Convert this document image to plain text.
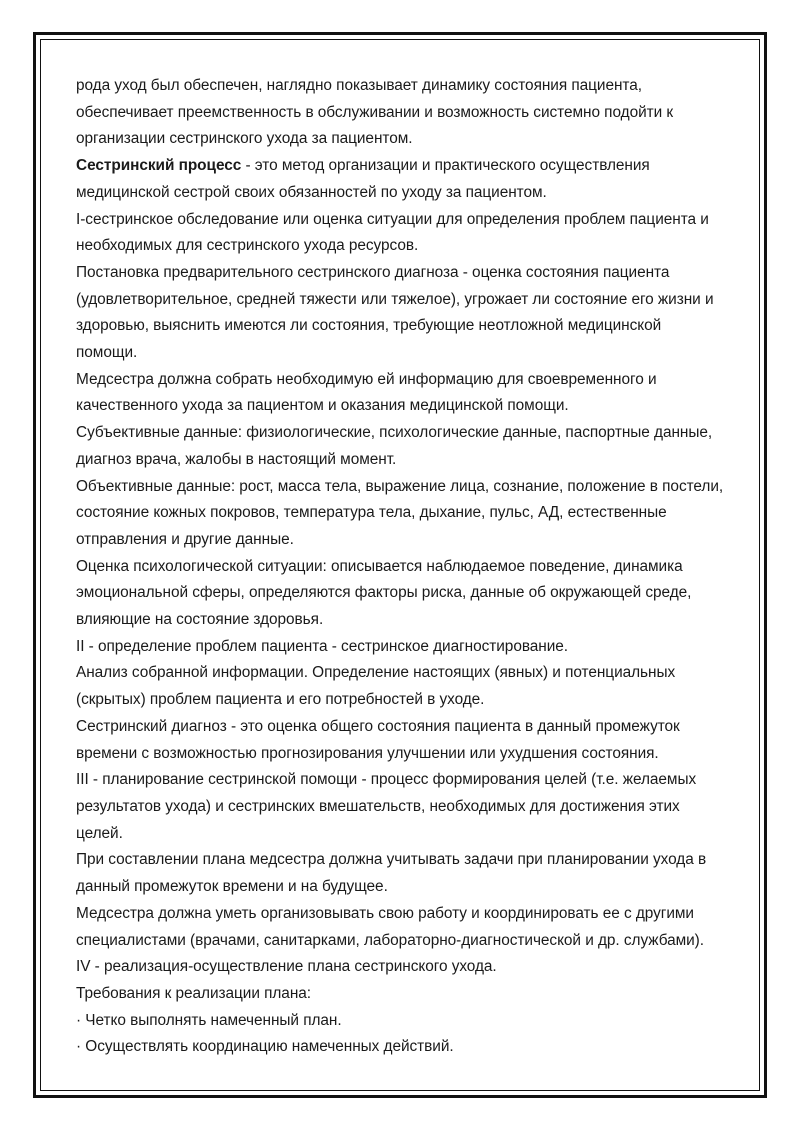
рода уход был обеспечен, наглядно показывает динамику состояния пациента, обеспечивает преемственность в обслуживании и возможность системно подойти к организации сестринского ухода за пациентом.

Сестринский процесс - это метод организации и практического осуществления медицинской сестрой своих обязанностей по уходу за пациентом.

I-сестринское обследование или оценка ситуации для определения проблем пациента и необходимых для сестринского ухода ресурсов.

Постановка предварительного сестринского диагноза - оценка состояния пациента (удовлетворительное, средней тяжести или тяжелое), угрожает ли состояние его жизни и здоровью, выяснить имеются ли состояния, требующие неотложной медицинской помощи.

Медсестра должна собрать необходимую ей информацию для своевременного и качественного ухода за пациентом и оказания медицинской помощи.

Субъективные данные: физиологические, психологические данные, паспортные данные, диагноз врача, жалобы в настоящий момент.

Объективные данные: рост, масса тела, выражение лица, сознание, положение в постели, состояние кожных покровов, температура тела, дыхание, пульс, АД, естественные отправления и другие данные.

Оценка психологической ситуации: описывается наблюдаемое поведение, динамика эмоциональной сферы, определяются факторы риска, данные об окружающей среде, влияющие на состояние здоровья.

II - определение проблем пациента - сестринское диагностирование.

Анализ собранной информации. Определение настоящих (явных) и потенциальных (скрытых) проблем пациента и его потребностей в уходе.

Сестринский диагноз - это оценка общего состояния пациента в данный промежуток времени с возможностью прогнозирования улучшении или ухудшения состояния.

III - планирование сестринской помощи - процесс формирования целей (т.е. желаемых результатов ухода) и сестринских вмешательств, необходимых для достижения этих целей.

При составлении плана медсестра должна учитывать задачи при планировании ухода в данный промежуток времени и на будущее.

Медсестра должна уметь организовывать свою работу и координировать ее с другими специалистами (врачами, санитарками, лабораторно-диагностической и др. службами).

IV - реализация-осуществление плана сестринского ухода.

Требования к реализации плана:

· Четко выполнять намеченный план.

· Осуществлять координацию намеченных действий.
